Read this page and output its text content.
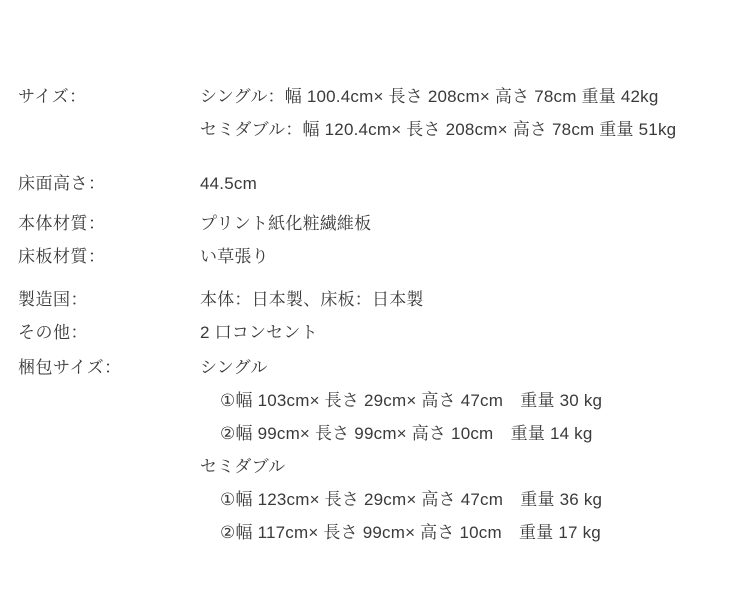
サイズ：	シングル：幅 100.4cm× 長さ 208cm× 高さ 78cm 重量 42kg
セミダブル：幅 120.4cm× 長さ 208cm× 高さ 78cm 重量 51kg
床面高さ：	44.5cm
本体材質：	プリント紙化粧繊維板
床板材質：	い草張り
製造国：	本体：日本製、床板：日本製
その他：	2 口コンセント
梱包サイズ：	シングル
①幅 103cm× 長さ 29cm× 高さ 47cm　重量 30 kg
②幅 99cm× 長さ 99cm× 高さ 10cm　重量 14 kg
セミダブル
①幅 123cm× 長さ 29cm× 高さ 47cm　重量 36 kg
②幅 117cm× 長さ 99cm× 高さ 10cm　重量 17 kg
